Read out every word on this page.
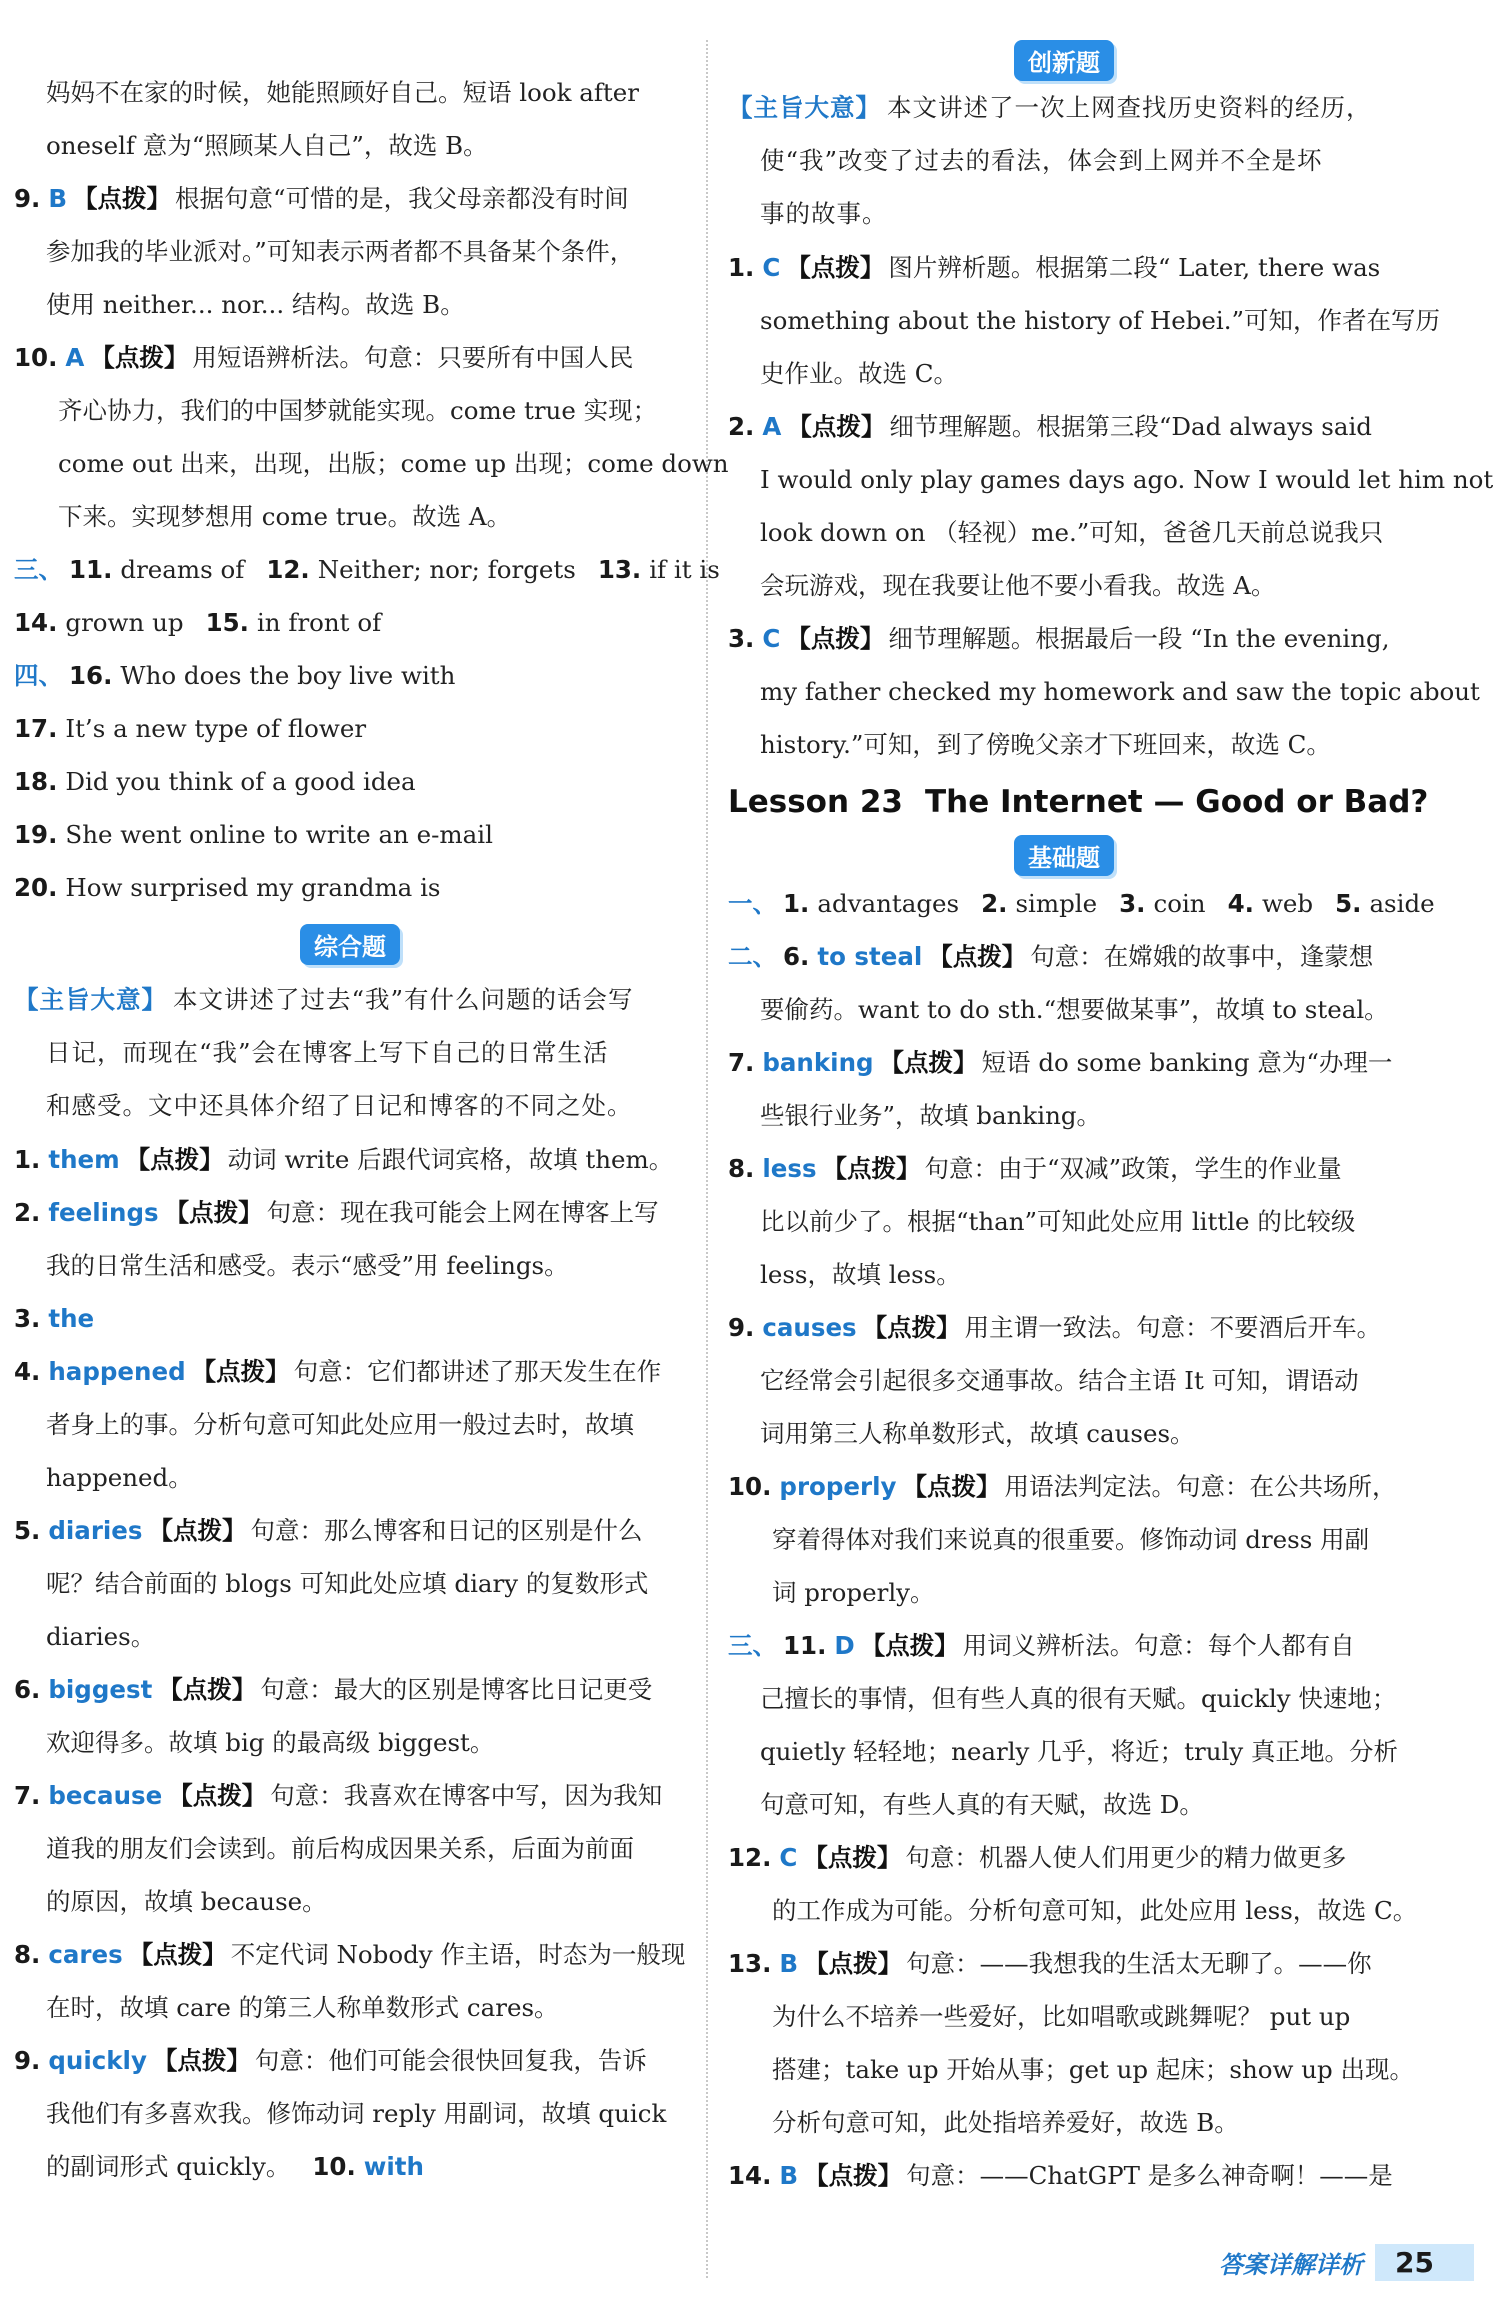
妈妈不在家的时候，她能照顾好自己。短语 look after
oneself 意为“照顾某人自己”，故选 B。
9. B 【点拨】 根据句意“可惜的是，我父母亲都没有时间
参加我的毕业派对。”可知表示两者都不具备某个条件，
使用 neither... nor... 结构。故选 B。
10. A 【点拨】 用短语辨析法。句意：只要所有中国人民
齐心协力，我们的中国梦就能实现。come true 实现；
come out 出来，出现，出版；come up 出现；come down
下来。实现梦想用 come true。故选 A。
三、 11. dreams of 12. Neither; nor; forgets 13. if it is
14. grown up 15. in front of
四、 16. Who does the boy live with
17. It’s a new type of flower
18. Did you think of a good idea
19. She went online to write an e-mail
20. How surprised my grandma is
综合题
【主旨大意】 本文讲述了过去“我”有什么问题的话会写
日记，而现在“我”会在博客上写下自己的日常生活
和感受。文中还具体介绍了日记和博客的不同之处。
1. them 【点拨】 动词 write 后跟代词宾格，故填 them。
2. feelings 【点拨】 句意：现在我可能会上网在博客上写
我的日常生活和感受。表示“感受”用 feelings。
3. the
4. happened 【点拨】 句意：它们都讲述了那天发生在作
者身上的事。分析句意可知此处应用一般过去时，故填
happened。
5. diaries 【点拨】 句意：那么博客和日记的区别是什么
呢？结合前面的 blogs 可知此处应填 diary 的复数形式
diaries。
6. biggest 【点拨】 句意：最大的区别是博客比日记更受
欢迎得多。故填 big 的最高级 biggest。
7. because 【点拨】 句意：我喜欢在博客中写，因为我知
道我的朋友们会读到。前后构成因果关系，后面为前面
的原因，故填 because。
8. cares 【点拨】 不定代词 Nobody 作主语，时态为一般现
在时，故填 care 的第三人称单数形式 cares。
9. quickly 【点拨】 句意：他们可能会很快回复我，告诉
我他们有多喜欢我。修饰动词 reply 用副词，故填 quick
的副词形式 quickly。 10. with
创新题
【主旨大意】 本文讲述了一次上网查找历史资料的经历，
使“我”改变了过去的看法，体会到上网并不全是坏
事的故事。
1. C 【点拨】 图片辨析题。根据第二段“ Later, there was
something about the history of Hebei.”可知，作者在写历
史作业。故选 C。
2. A 【点拨】 细节理解题。根据第三段“Dad always said
I would only play games days ago. Now I would let him not
look down on （轻视）me.”可知，爸爸几天前总说我只
会玩游戏，现在我要让他不要小看我。故选 A。
3. C 【点拨】 细节理解题。根据最后一段 “In the evening,
my father checked my homework and saw the topic about
history.”可知，到了傍晚父亲才下班回来，故选 C。
Lesson 23 The Internet — Good or Bad?
基础题
一、 1. advantages 2. simple 3. coin 4. web 5. aside
二、 6. to steal 【点拨】 句意：在嫦娥的故事中，逢蒙想
要偷药。want to do sth.“想要做某事”，故填 to steal。
7. banking 【点拨】 短语 do some banking 意为“办理一
些银行业务”，故填 banking。
8. less 【点拨】 句意：由于“双减”政策，学生的作业量
比以前少了。根据“than”可知此处应用 little 的比较级
less，故填 less。
9. causes 【点拨】 用主谓一致法。句意：不要酒后开车。
它经常会引起很多交通事故。结合主语 It 可知，谓语动
词用第三人称单数形式，故填 causes。
10. properly 【点拨】 用语法判定法。句意：在公共场所，
穿着得体对我们来说真的很重要。修饰动词 dress 用副
词 properly。
三、 11. D 【点拨】 用词义辨析法。句意：每个人都有自
己擅长的事情，但有些人真的很有天赋。quickly 快速地；
quietly 轻轻地；nearly 几乎，将近；truly 真正地。分析
句意可知，有些人真的有天赋，故选 D。
12. C 【点拨】 句意：机器人使人们用更少的精力做更多
的工作成为可能。分析句意可知，此处应用 less，故选 C。
13. B 【点拨】 句意：——我想我的生活太无聊了。——你
为什么不培养一些爱好，比如唱歌或跳舞呢？ put up
搭建；take up 开始从事；get up 起床；show up 出现。
分析句意可知，此处指培养爱好，故选 B。
14. B 【点拨】 句意：——ChatGPT 是多么神奇啊！——是
答案详解详析	25
